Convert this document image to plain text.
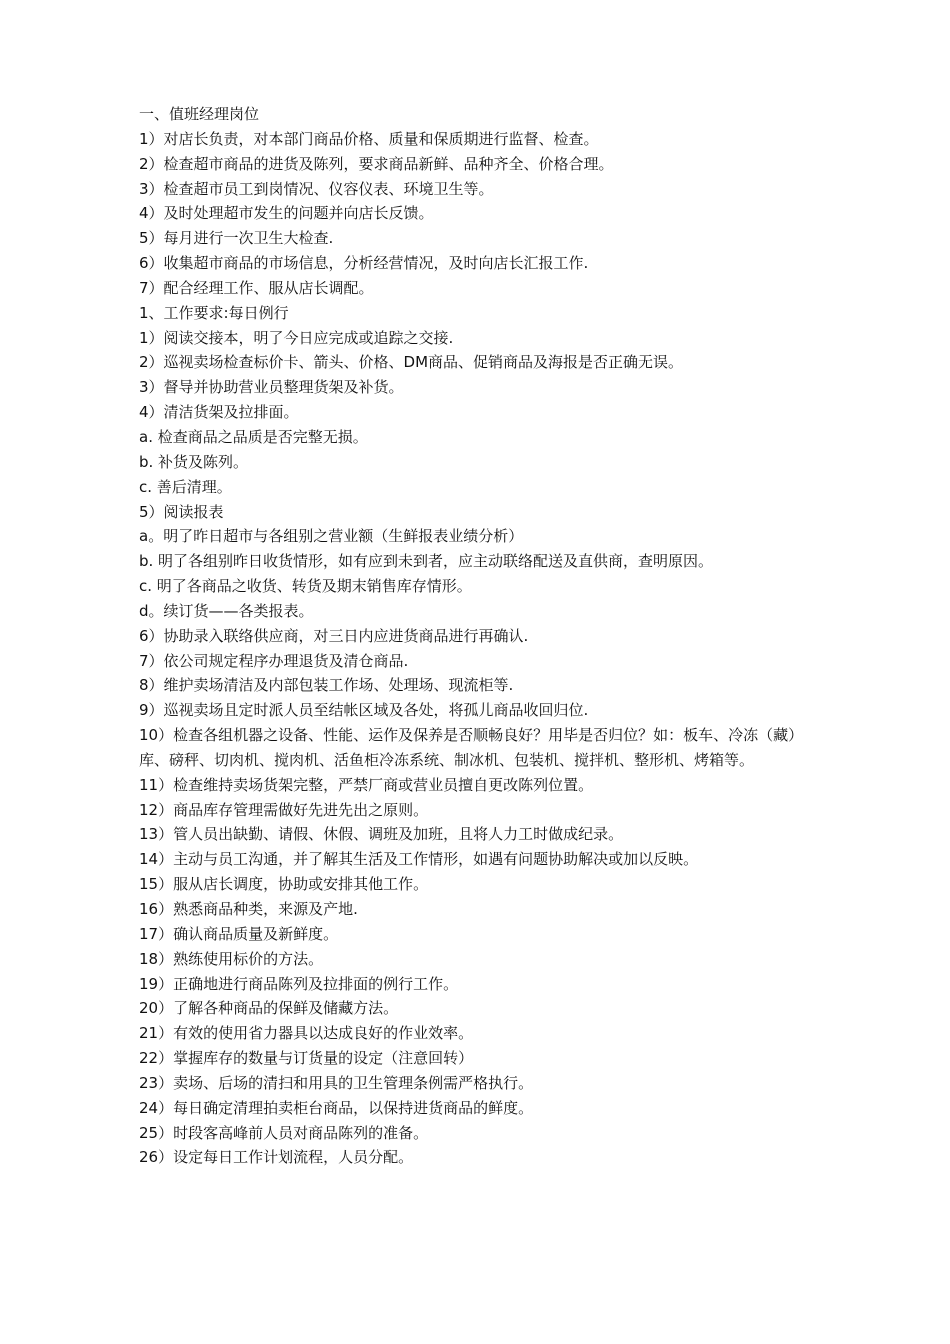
一、值班经理岗位
1）对店长负责，对本部门商品价格、质量和保质期进行监督、检查。
2）检查超市商品的进货及陈列，要求商品新鲜、品种齐全、价格合理。
3）检查超市员工到岗情况、仪容仪表、环境卫生等。
4）及时处理超市发生的问题并向店长反馈。
5）每月进行一次卫生大检查.
6）收集超市商品的市场信息，分析经营情况，及时向店长汇报工作.
7）配合经理工作、服从店长调配。
1、工作要求:每日例行
1）阅读交接本，明了今日应完成或追踪之交接.
2）巡视卖场检查标价卡、箭头、价格、DM商品、促销商品及海报是否正确无误。
3）督导并协助营业员整理货架及补货。
4）清洁货架及拉排面。
a. 检查商品之品质是否完整无损。
b. 补货及陈列。
c. 善后清理。
5）阅读报表
a。明了昨日超市与各组别之营业额（生鲜报表业绩分析）
b. 明了各组别昨日收货情形，如有应到未到者，应主动联络配送及直供商，查明原因。
c. 明了各商品之收货、转货及期末销售库存情形。
d。续订货——各类报表。
6）协助录入联络供应商，对三日内应进货商品进行再确认.
7）依公司规定程序办理退货及清仓商品.
8）维护卖场清洁及内部包装工作场、处理场、现流柜等.
9）巡视卖场且定时派人员至结帐区域及各处，将孤儿商品收回归位.
10）检查各组机器之设备、性能、运作及保养是否顺畅良好？用毕是否归位？如：板车、冷冻（藏）库、磅秤、切肉机、搅肉机、活鱼柜冷冻系统、制冰机、包装机、搅拌机、整形机、烤箱等。
11）检查维持卖场货架完整，严禁厂商或营业员擅自更改陈列位置。
12）商品库存管理需做好先进先出之原则。
13）管人员出缺勤、请假、休假、调班及加班，且将人力工时做成纪录。
14）主动与员工沟通，并了解其生活及工作情形，如遇有问题协助解决或加以反映。
15）服从店长调度，协助或安排其他工作。
16）熟悉商品种类，来源及产地.
17）确认商品质量及新鲜度。
18）熟练使用标价的方法。
19）正确地进行商品陈列及拉排面的例行工作。
20）了解各种商品的保鲜及储藏方法。
21）有效的使用省力器具以达成良好的作业效率。
22）掌握库存的数量与订货量的设定（注意回转）
23）卖场、后场的清扫和用具的卫生管理条例需严格执行。
24）每日确定清理拍卖柜台商品，以保持进货商品的鲜度。
25）时段客高峰前人员对商品陈列的准备。
26）设定每日工作计划流程，人员分配。
